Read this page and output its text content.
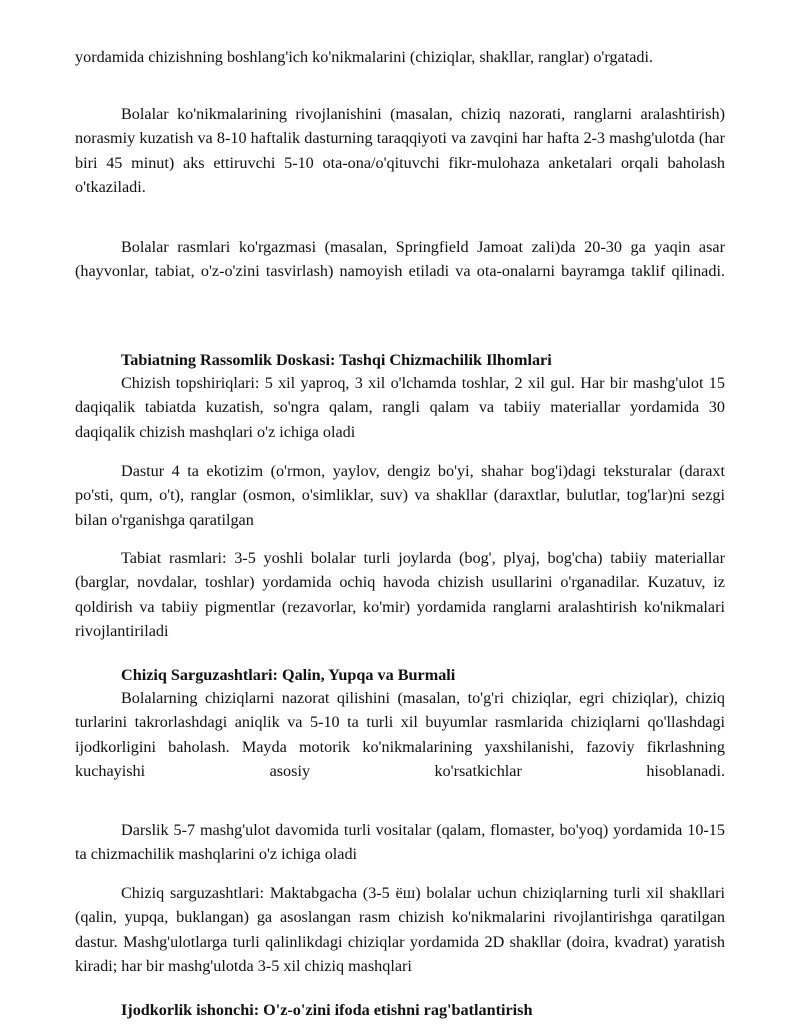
yordamida chizishning boshlang'ich ko'nikmalarini (chiziqlar, shakllar, ranglar) o'rgatadi.

Bolalar ko'nikmalarining rivojlanishini (masalan, chiziq nazorati, ranglarni aralashtirish) norasmiy kuzatish va 8-10 haftalik dasturning taraqqiyoti va zavqini har hafta 2-3 mashg'ulotda (har biri 45 minut) aks ettiruvchi 5-10 ota-ona/o'qituvchi fikr-mulohaza anketalari orqali baholash o'tkaziladi.

Bolalar rasmlari ko'rgazmasi (masalan, Springfield Jamoat zali)da 20-30 ga yaqin asar (hayvonlar, tabiat, o'z-o'zini tasvirlash) namoyish etiladi va ota-onalarni bayramga taklif qilinadi.

Tabiatning Rassomlik Doskasi: Tashqi Chizmachilik Ilhomlari

Chizish topshiriqlari: 5 xil yaproq, 3 xil o'lchamda toshlar, 2 xil gul. Har bir mashg'ulot 15 daqiqalik tabiatda kuzatish, so'ngra qalam, rangli qalam va tabiiy materiallar yordamida 30 daqiqalik chizish mashqlari o'z ichiga oladi

Dastur 4 ta ekotizim (o'rmon, yaylov, dengiz bo'yi, shahar bog'i)dagi teksturalar (daraxt po'sti, qum, o't), ranglar (osmon, o'simliklar, suv) va shakllar (daraxtlar, bulutlar, tog'lar)ni sezgi bilan o'rganishga qaratilgan

Tabiat rasmlari: 3-5 yoshli bolalar turli joylarda (bog', plyaj, bog'cha) tabiiy materiallar (barglar, novdalar, toshlar) yordamida ochiq havoda chizish usullarini o'rganadilar. Kuzatuv, iz qoldirish va tabiiy pigmentlar (rezavorlar, ko'mir) yordamida ranglarni aralashtirish ko'nikmalari rivojlantiriladi

Chiziq Sarguzashtlari: Qalin, Yupqa va Burmali

Bolalarning chiziqlarni nazorat qilishini (masalan, to'g'ri chiziqlar, egri chiziqlar), chiziq turlarini takrorlashdagi aniqlik va 5-10 ta turli xil buyumlar rasmlarida chiziqlarni qo'llashdagi ijodkorligini baholash. Mayda motorik ko'nikmalarining yaxshilanishi, fazoviy fikrlashning kuchayishi asosiy ko'rsatkichlar hisoblanadi.

Darslik 5-7 mashg'ulot davomida turli vositalar (qalam, flomaster, bo'yoq) yordamida 10-15 ta chizmachilik mashqlarini o'z ichiga oladi

Chiziq sarguzashtlari: Maktabgacha (3-5 ёш) bolalar uchun chiziqlarning turli xil shakllari (qalin, yupqa, buklangan) ga asoslangan rasm chizish ko'nikmalarini rivojlantirishga qaratilgan dastur. Mashg'ulotlarga turli qalinlikdagi chiziqlar yordamida 2D shakllar (doira, kvadrat) yaratish kiradi; har bir mashg'ulotda 3-5 xil chiziq mashqlari

Ijodkorlik ishonchi: O'z-o'zini ifoda etishni rag'batlantirish
